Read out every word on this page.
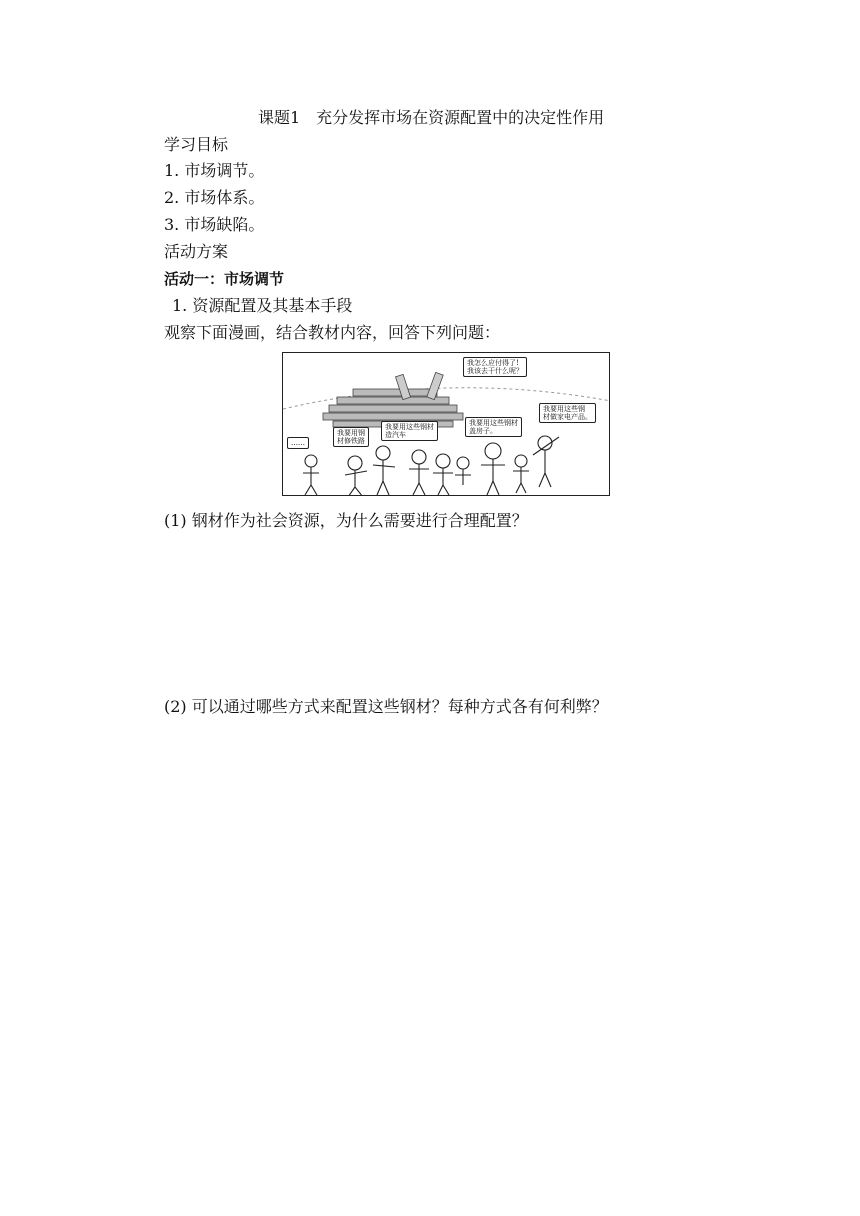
课题1　充分发挥市场在资源配置中的决定性作用
学习目标
1. 市场调节。
2. 市场体系。
3. 市场缺陷。
活动方案
活动一：市场调节
1. 资源配置及其基本手段
观察下面漫画，结合教材内容，回答下列问题：
……
我要用钢
材修铁路
我要用这些钢材
造汽车
我要用这些钢材
盖房子。
我要用这些钢
材做家电产品。
我怎么应付得了!
我该去干什么呢？
(1) 钢材作为社会资源，为什么需要进行合理配置？
(2) 可以通过哪些方式来配置这些钢材？每种方式各有何利弊？
